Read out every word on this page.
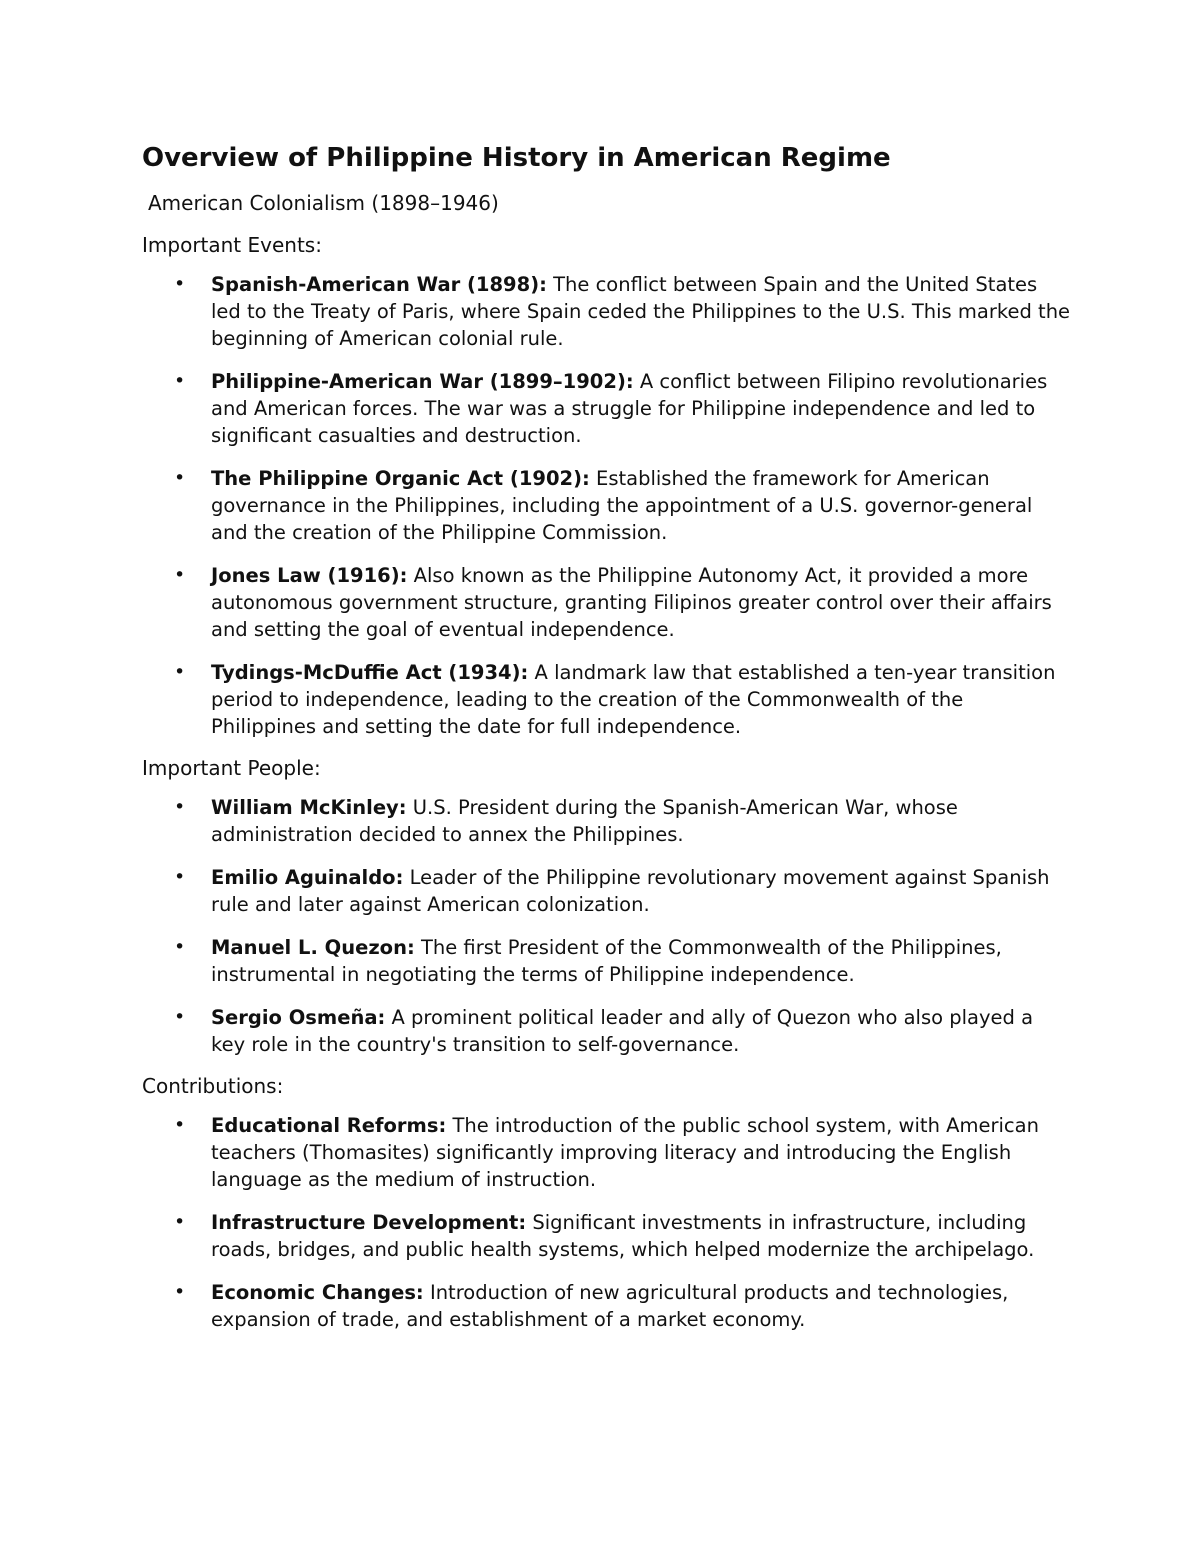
Overview of Philippine History in American Regime
American Colonialism (1898–1946)
Important Events:
• Spanish-American War (1898): The conflict between Spain and the United States led to the Treaty of Paris, where Spain ceded the Philippines to the U.S. This marked the beginning of American colonial rule.
• Philippine-American War (1899–1902): A conflict between Filipino revolutionaries and American forces. The war was a struggle for Philippine independence and led to significant casualties and destruction.
• The Philippine Organic Act (1902): Established the framework for American governance in the Philippines, including the appointment of a U.S. governor-general and the creation of the Philippine Commission.
• Jones Law (1916): Also known as the Philippine Autonomy Act, it provided a more autonomous government structure, granting Filipinos greater control over their affairs and setting the goal of eventual independence.
• Tydings-McDuffie Act (1934): A landmark law that established a ten-year transition period to independence, leading to the creation of the Commonwealth of the Philippines and setting the date for full independence.
Important People:
• William McKinley: U.S. President during the Spanish-American War, whose administration decided to annex the Philippines.
• Emilio Aguinaldo: Leader of the Philippine revolutionary movement against Spanish rule and later against American colonization.
• Manuel L. Quezon: The first President of the Commonwealth of the Philippines, instrumental in negotiating the terms of Philippine independence.
• Sergio Osmeña: A prominent political leader and ally of Quezon who also played a key role in the country's transition to self-governance.
Contributions:
• Educational Reforms: The introduction of the public school system, with American teachers (Thomasites) significantly improving literacy and introducing the English language as the medium of instruction.
• Infrastructure Development: Significant investments in infrastructure, including roads, bridges, and public health systems, which helped modernize the archipelago.
• Economic Changes: Introduction of new agricultural products and technologies, expansion of trade, and establishment of a market economy.
